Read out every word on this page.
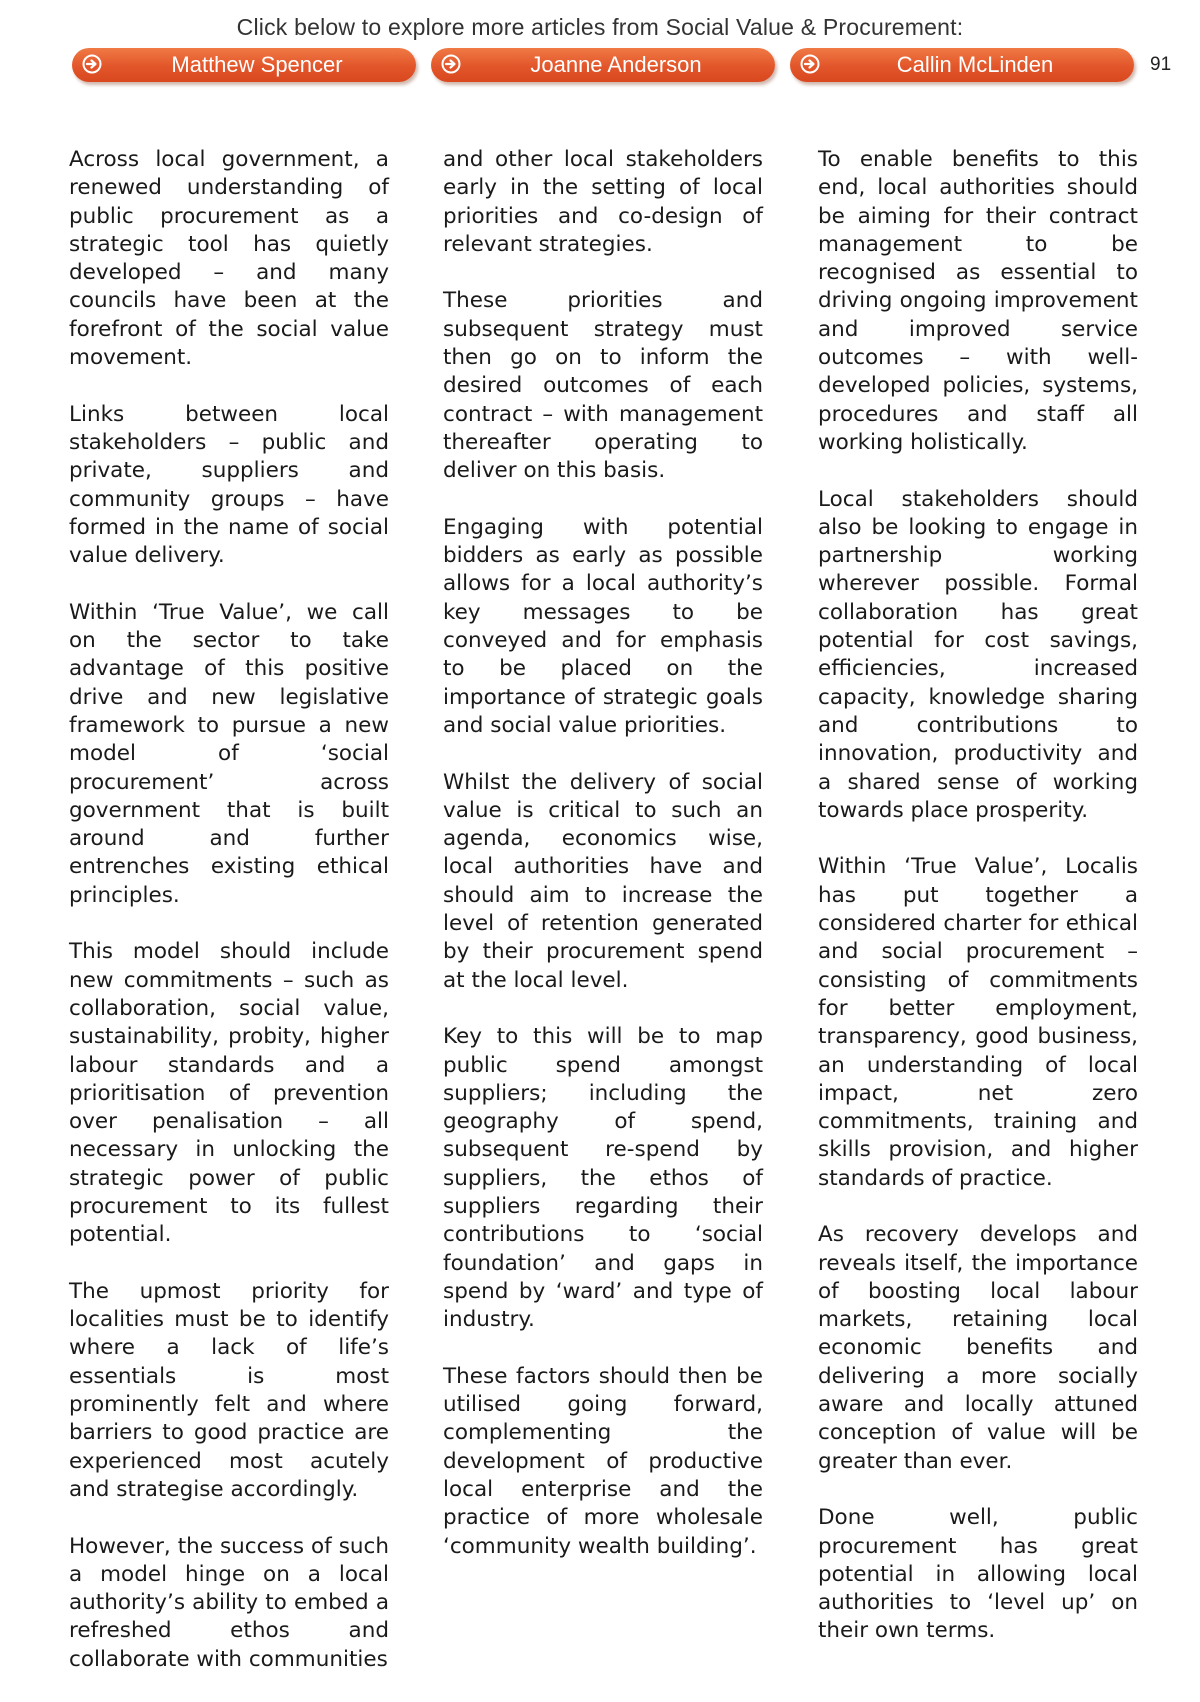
Click below to explore more articles from Social Value & Procurement:
Matthew Spencer	Joanne Anderson	Callin McLinden	91

Across local government, a renewed understanding of public procurement as a strategic tool has quietly developed – and many councils have been at the forefront of the social value movement.

Links between local stakeholders – public and private, suppliers and community groups – have formed in the name of social value delivery.

Within ‘True Value’, we call on the sector to take advantage of this positive drive and new legislative framework to pursue a new model of ‘social procurement’ across government that is built around and further entrenches existing ethical principles.

This model should include new commitments – such as collaboration, social value, sustainability, probity, higher labour standards and a prioritisation of prevention over penalisation – all necessary in unlocking the strategic power of public procurement to its fullest potential.

The upmost priority for localities must be to identify where a lack of life’s essentials is most prominently felt and where barriers to good practice are experienced most acutely and strategise accordingly.

However, the success of such a model hinge on a local authority’s ability to embed a refreshed ethos and collaborate with communities

and other local stakeholders early in the setting of local priorities and co-design of relevant strategies.

These priorities and subsequent strategy must then go on to inform the desired outcomes of each contract – with management thereafter operating to deliver on this basis.

Engaging with potential bidders as early as possible allows for a local authority’s key messages to be conveyed and for emphasis to be placed on the importance of strategic goals and social value priorities.

Whilst the delivery of social value is critical to such an agenda, economics wise, local authorities have and should aim to increase the level of retention generated by their procurement spend at the local level.

Key to this will be to map public spend amongst suppliers; including the geography of spend, subsequent re-spend by suppliers, the ethos of suppliers regarding their contributions to ‘social foundation’ and gaps in spend by ‘ward’ and type of industry.

These factors should then be utilised going forward, complementing the development of productive local enterprise and the practice of more wholesale ‘community wealth building’.

To enable benefits to this end, local authorities should be aiming for their contract management to be recognised as essential to driving ongoing improvement and improved service outcomes – with well-developed policies, systems, procedures and staff all working holistically.

Local stakeholders should also be looking to engage in partnership working wherever possible. Formal collaboration has great potential for cost savings, efficiencies, increased capacity, knowledge sharing and contributions to innovation, productivity and a shared sense of working towards place prosperity.

Within ‘True Value’, Localis has put together a considered charter for ethical and social procurement – consisting of commitments for better employment, transparency, good business, an understanding of local impact, net zero commitments, training and skills provision, and higher standards of practice.

As recovery develops and reveals itself, the importance of boosting local labour markets, retaining local economic benefits and delivering a more socially aware and locally attuned conception of value will be greater than ever.

Done well, public procurement has great potential in allowing local authorities to ‘level up’ on their own terms.
